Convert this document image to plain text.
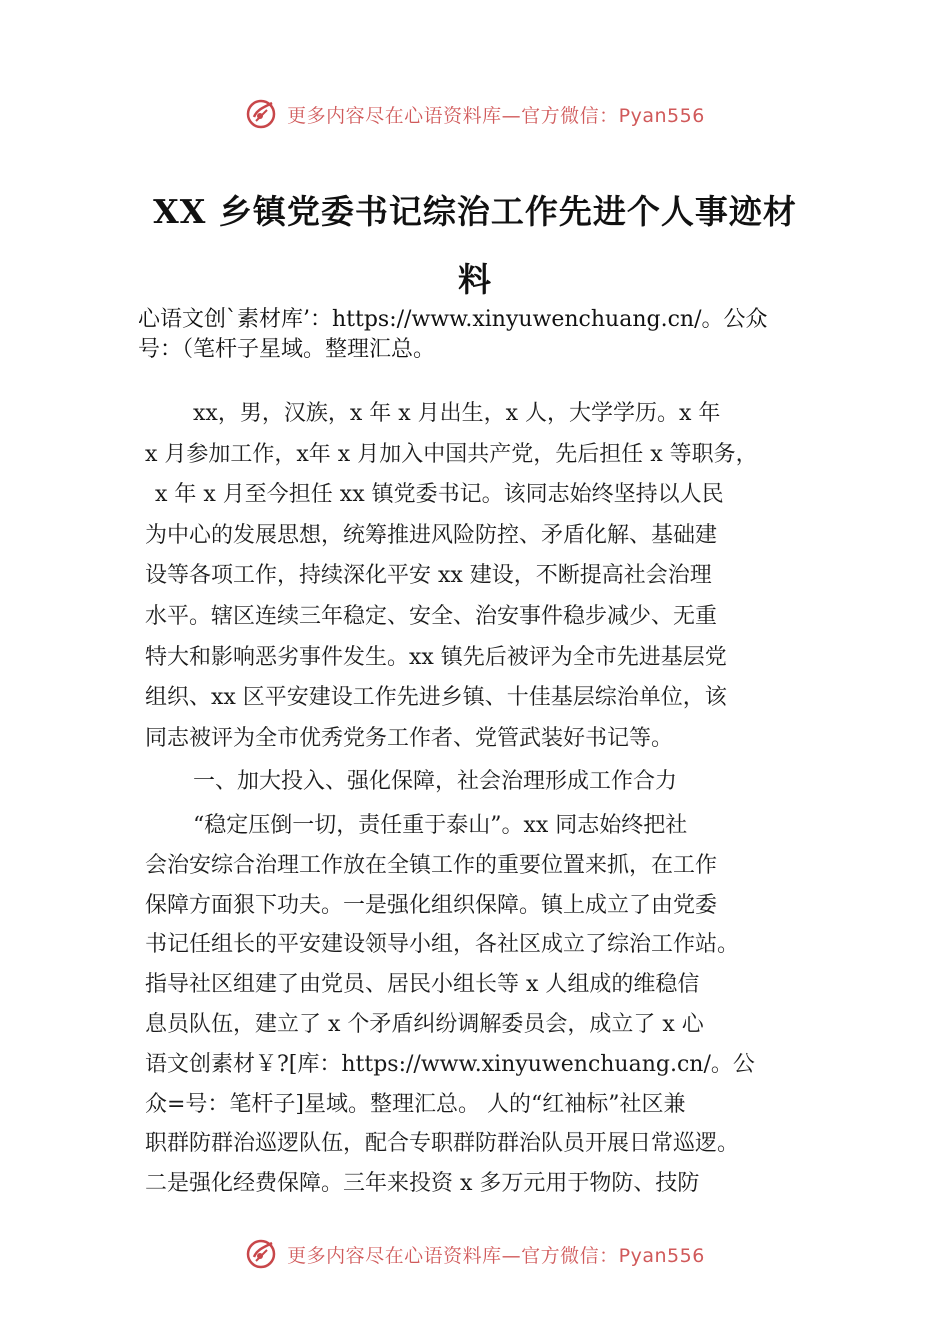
更多内容尽在心语资料库—官方微信：Pyan556
XX 乡镇党委书记综治工作先进个人事迹材
料
心语文创`素材库’：https://www.xinyuwenchuang.cn/。公众
号：（笔杆子星域。整理汇总。
xx，男，汉族，x 年 x 月出生，x 人，大学学历。x 年
x 月参加工作，x年 x 月加入中国共产党，先后担任 x 等职务，
x 年 x 月至今担任 xx 镇党委书记。该同志始终坚持以人民
为中心的发展思想，统筹推进风险防控、矛盾化解、基础建
设等各项工作，持续深化平安 xx 建设，不断提高社会治理
水平。辖区连续三年稳定、安全、治安事件稳步减少、无重
特大和影响恶劣事件发生。xx 镇先后被评为全市先进基层党
组织、xx 区平安建设工作先进乡镇、十佳基层综治单位，该
同志被评为全市优秀党务工作者、党管武装好书记等。
一、加大投入、强化保障，社会治理形成工作合力
“稳定压倒一切，责任重于泰山”。xx 同志始终把社
会治安综合治理工作放在全镇工作的重要位置来抓，在工作
保障方面狠下功夫。一是强化组织保障。镇上成立了由党委
书记任组长的平安建设领导小组，各社区成立了综治工作站。
指导社区组建了由党员、居民小组长等 x 人组成的维稳信
息员队伍，建立了 x 个矛盾纠纷调解委员会，成立了 x 心
语文创素材￥?[库：https://www.xinyuwenchuang.cn/。公
众=号：笔杆子]星域。整理汇总。 人的“红袖标”社区兼
职群防群治巡逻队伍，配合专职群防群治队员开展日常巡逻。
二是强化经费保障。三年来投资 x 多万元用于物防、技防
更多内容尽在心语资料库—官方微信：Pyan556
